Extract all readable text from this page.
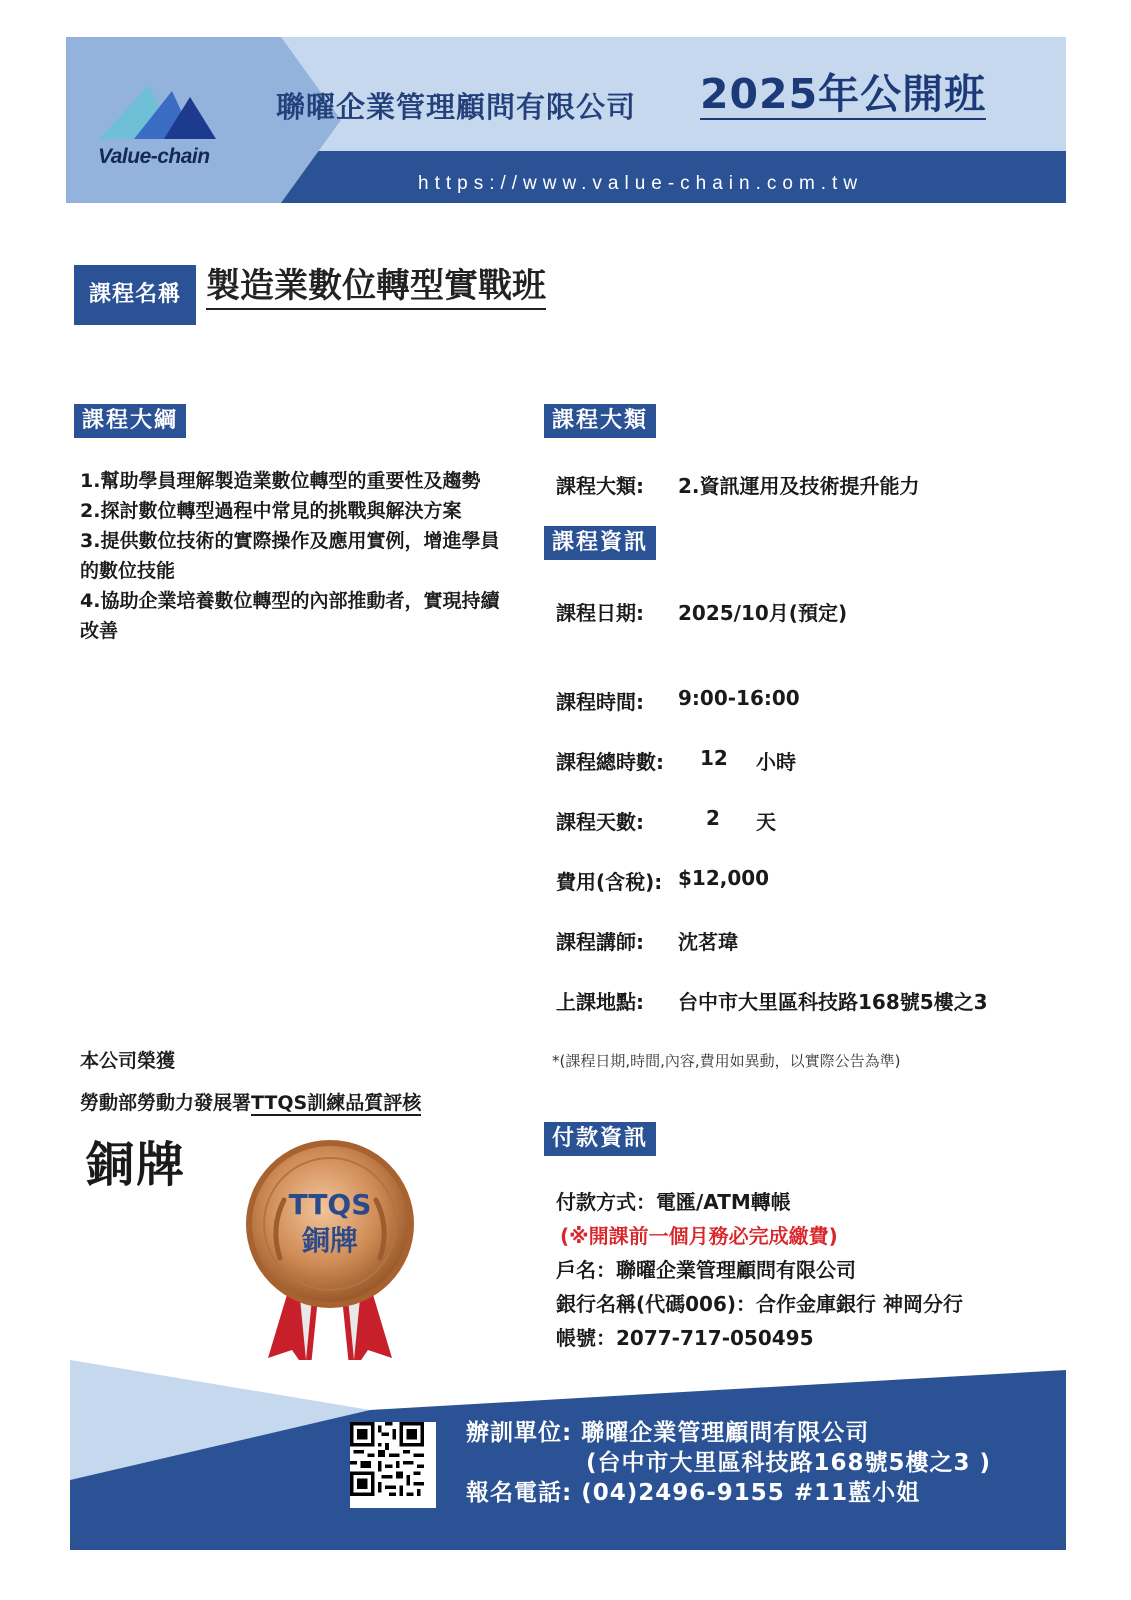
Value-chain
聯曜企業管理顧問有限公司 2025年公開班
https://www.value-chain.com.tw
課程名稱 製造業數位轉型實戰班
課程大綱
1.幫助學員理解製造業數位轉型的重要性及趨勢
2.探討數位轉型過程中常見的挑戰與解決方案
3.提供數位技術的實際操作及應用實例，增進學員的數位技能
4.協助企業培養數位轉型的內部推動者，實現持續改善
課程大類
課程大類: 2.資訊運用及技術提升能力
課程資訊
課程日期: 2025/10月(預定)
課程時間: 9:00-16:00
課程總時數: 12 小時
課程天數:	2 天
費用(含稅): $12,000
課程講師: 沈茗瑋
上課地點: 台中市大里區科技路168號5樓之3
*(課程日期,時間,內容,費用如異動，以實際公告為準)
本公司榮獲
勞動部勞動力發展署TTQS訓練品質評核
銅牌
TTQS
銅牌
付款資訊
付款方式：電匯/ATM轉帳
(※開課前一個月務必完成繳費)
戶名：聯曜企業管理顧問有限公司
銀行名稱(代碼006)：合作金庫銀行 神岡分行
帳號：2077-717-050495
辦訓單位: 聯曜企業管理顧問有限公司
(台中市大里區科技路168號5樓之3 )
報名電話: (04)2496-9155 #11藍小姐
